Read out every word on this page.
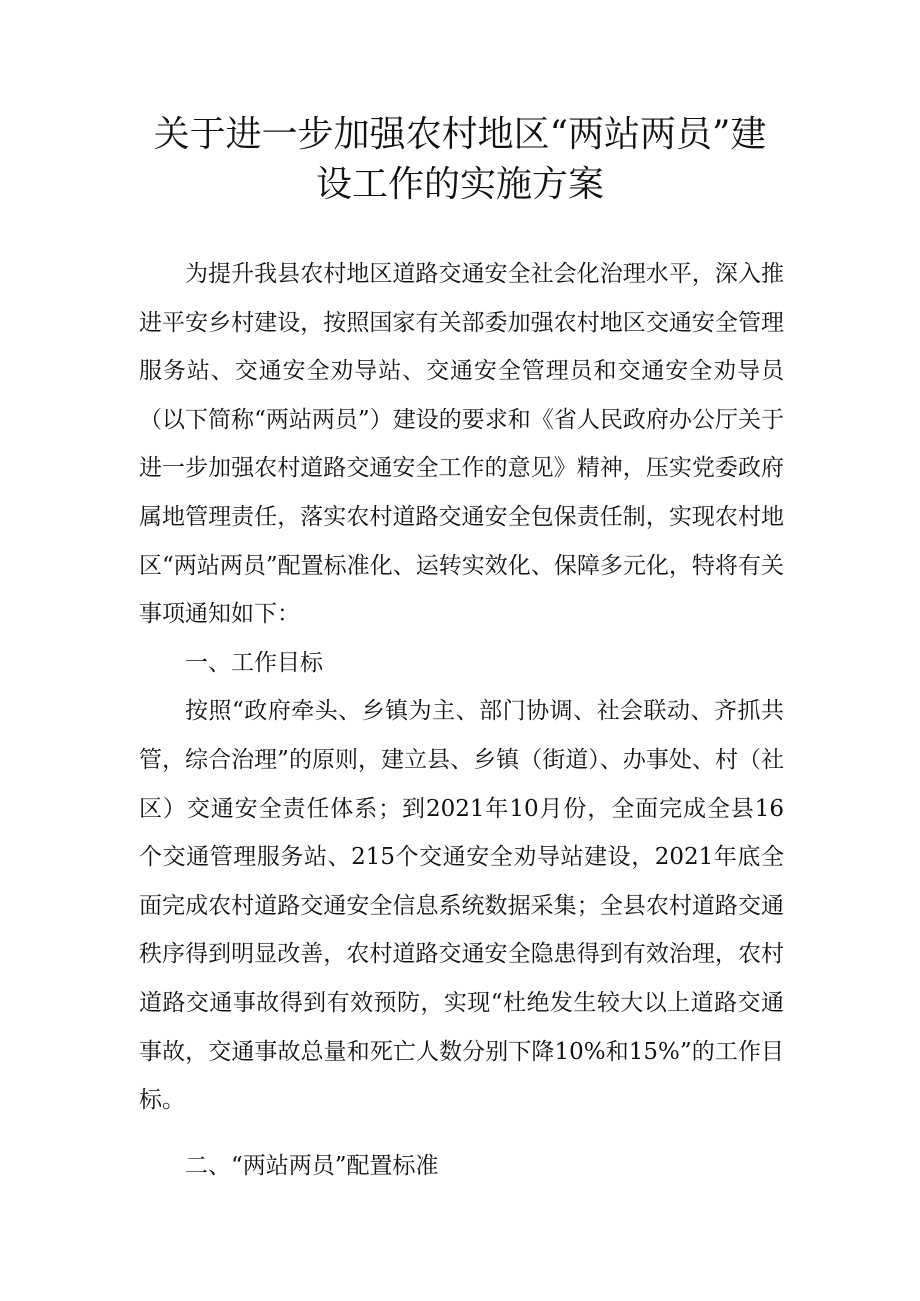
关于进一步加强农村地区“两站两员”建
设工作的实施方案

为提升我县农村地区道路交通安全社会化治理水平，深入推进平安乡村建设，按照国家有关部委加强农村地区交通安全管理服务站、交通安全劝导站、交通安全管理员和交通安全劝导员（以下简称“两站两员”）建设的要求和《省人民政府办公厅关于进一步加强农村道路交通安全工作的意见》精神，压实党委政府属地管理责任，落实农村道路交通安全包保责任制，实现农村地区“两站两员”配置标准化、运转实效化、保障多元化，特将有关事项通知如下：

一、工作目标

按照“政府牵头、乡镇为主、部门协调、社会联动、齐抓共管，综合治理”的原则，建立县、乡镇（街道）、办事处、村（社区）交通安全责任体系；到2021年10月份，全面完成全县16个交通管理服务站、215个交通安全劝导站建设，2021年底全面完成农村道路交通安全信息系统数据采集；全县农村道路交通秩序得到明显改善，农村道路交通安全隐患得到有效治理，农村道路交通事故得到有效预防，实现“杜绝发生较大以上道路交通事故，交通事故总量和死亡人数分别下降10%和15%”的工作目标。

二、“两站两员”配置标准
